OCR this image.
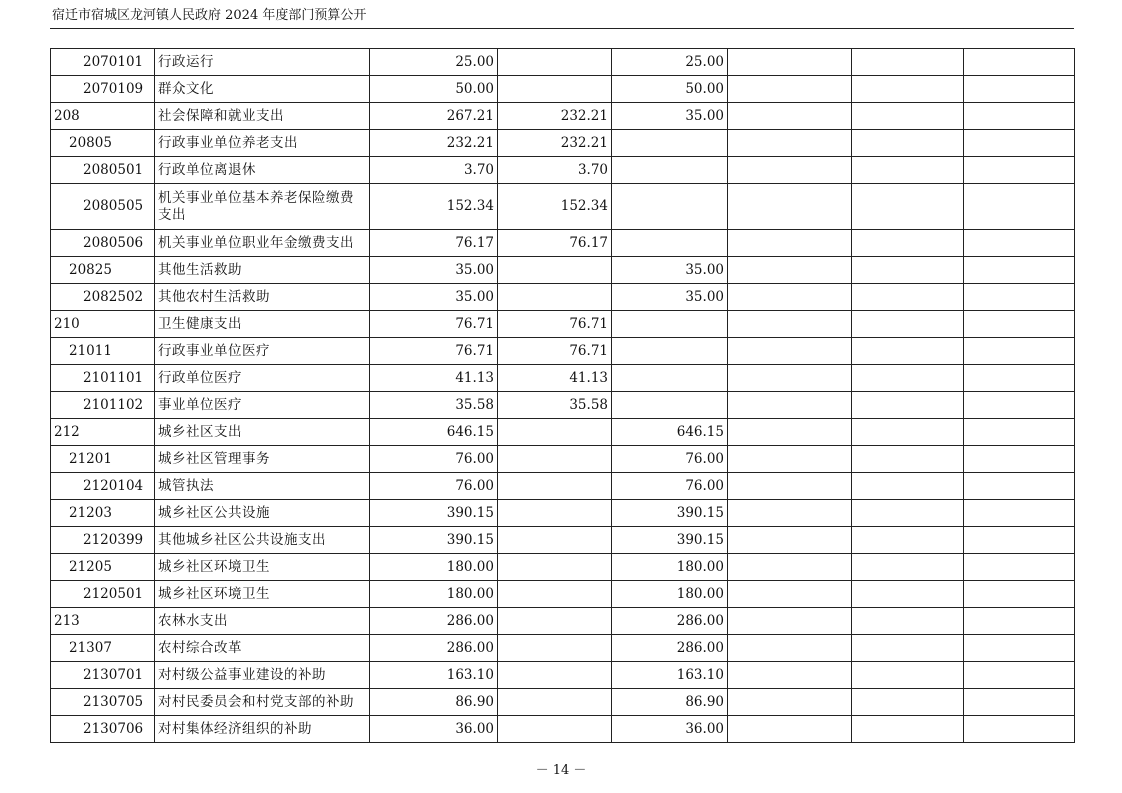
宿迁市宿城区龙河镇人民政府 2024 年度部门预算公开
2070101	行政运行	25.00		25.00			
2070109	群众文化	50.00		50.00			
208	社会保障和就业支出	267.21	232.21	35.00			
20805	行政事业单位养老支出	232.21	232.21				
2080501	行政单位离退休	3.70	3.70				
2080505	机关事业单位基本养老保险缴费支出	152.34	152.34				
2080506	机关事业单位职业年金缴费支出	76.17	76.17				
20825	其他生活救助	35.00		35.00			
2082502	其他农村生活救助	35.00		35.00			
210	卫生健康支出	76.71	76.71				
21011	行政事业单位医疗	76.71	76.71				
2101101	行政单位医疗	41.13	41.13				
2101102	事业单位医疗	35.58	35.58				
212	城乡社区支出	646.15		646.15			
21201	城乡社区管理事务	76.00		76.00			
2120104	城管执法	76.00		76.00			
21203	城乡社区公共设施	390.15		390.15			
2120399	其他城乡社区公共设施支出	390.15		390.15			
21205	城乡社区环境卫生	180.00		180.00			
2120501	城乡社区环境卫生	180.00		180.00			
213	农林水支出	286.00		286.00			
21307	农村综合改革	286.00		286.00			
2130701	对村级公益事业建设的补助	163.10		163.10			
2130705	对村民委员会和村党支部的补助	86.90		86.90			
2130706	对村集体经济组织的补助	36.00		36.00			
－ 14 －
